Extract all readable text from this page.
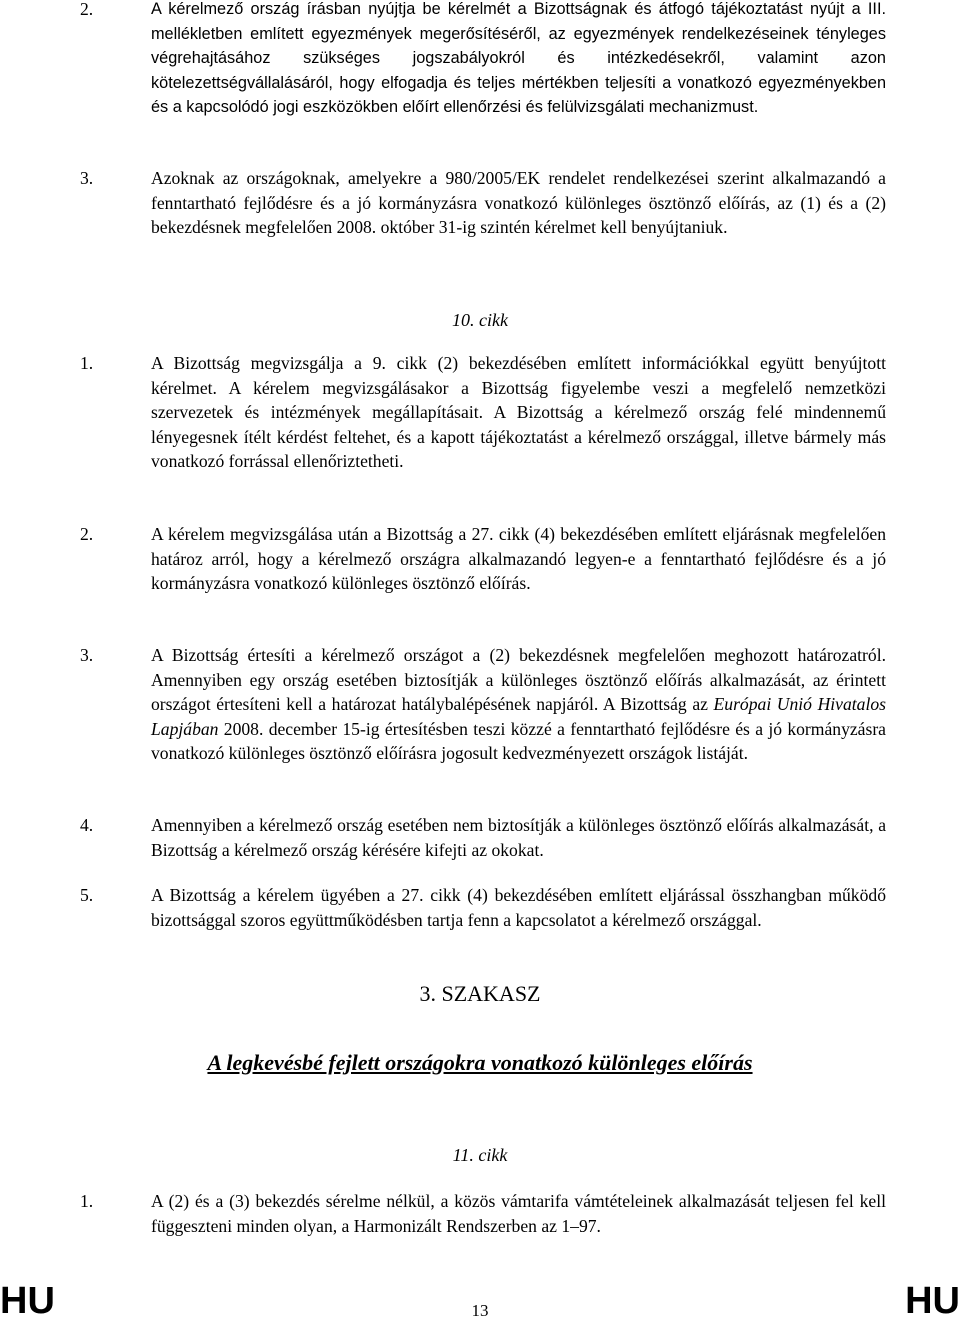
2.	A kérelmező ország írásban nyújtja be kérelmét a Bizottságnak és átfogó tájékoztatást nyújt a III. mellékletben említett egyezmények megerősítéséről, az egyezmények rendelkezéseinek tényleges végrehajtásához szükséges jogszabályokról és intézkedésekről, valamint azon kötelezettségvállalásáról, hogy elfogadja és teljes mértékben teljesíti a vonatkozó egyezményekben és a kapcsolódó jogi eszközökben előírt ellenőrzési és felülvizsgálati mechanizmust.
3.	Azoknak az országoknak, amelyekre a 980/2005/EK rendelet rendelkezései szerint alkalmazandó a fenntartható fejlődésre és a jó kormányzásra vonatkozó különleges ösztönző előírás, az (1) és a (2) bekezdésnek megfelelően 2008. október 31-ig szintén kérelmet kell benyújtaniuk.
10. cikk
1.	A Bizottság megvizsgálja a 9. cikk (2) bekezdésében említett információkkal együtt benyújtott kérelmet. A kérelem megvizsgálásakor a Bizottság figyelembe veszi a megfelelő nemzetközi szervezetek és intézmények megállapításait. A Bizottság a kérelmező ország felé mindennemű lényegesnek ítélt kérdést feltehet, és a kapott tájékoztatást a kérelmező országgal, illetve bármely más vonatkozó forrással ellenőriztetheti.
2.	A kérelem megvizsgálása után a Bizottság a 27. cikk (4) bekezdésében említett eljárásnak megfelelően határoz arról, hogy a kérelmező országra alkalmazandó legyen-e a fenntartható fejlődésre és a jó kormányzásra vonatkozó különleges ösztönző előírás.
3.	A Bizottság értesíti a kérelmező országot a (2) bekezdésnek megfelelően meghozott határozatról. Amennyiben egy ország esetében biztosítják a különleges ösztönző előírás alkalmazását, az érintett országot értesíteni kell a határozat hatálybalépésének napjáról. A Bizottság az Európai Unió Hivatalos Lapjában 2008. december 15-ig értesítésben teszi közzé a fenntartható fejlődésre és a jó kormányzásra vonatkozó különleges ösztönző előírásra jogosult kedvezményezett országok listáját.
4.	Amennyiben a kérelmező ország esetében nem biztosítják a különleges ösztönző előírás alkalmazását, a Bizottság a kérelmező ország kérésére kifejti az okokat.
5.	A Bizottság a kérelem ügyében a 27. cikk (4) bekezdésében említett eljárással összhangban működő bizottsággal szoros együttműködésben tartja fenn a kapcsolatot a kérelmező országgal.
3. SZAKASZ
A legkevésbé fejlett országokra vonatkozó különleges előírás
11. cikk
1.	A (2) és a (3) bekezdés sérelme nélkül, a közös vámtarifa vámtételeinek alkalmazását teljesen fel kell függeszteni minden olyan, a Harmonizált Rendszerben az 1–97.
HU	13	HU
